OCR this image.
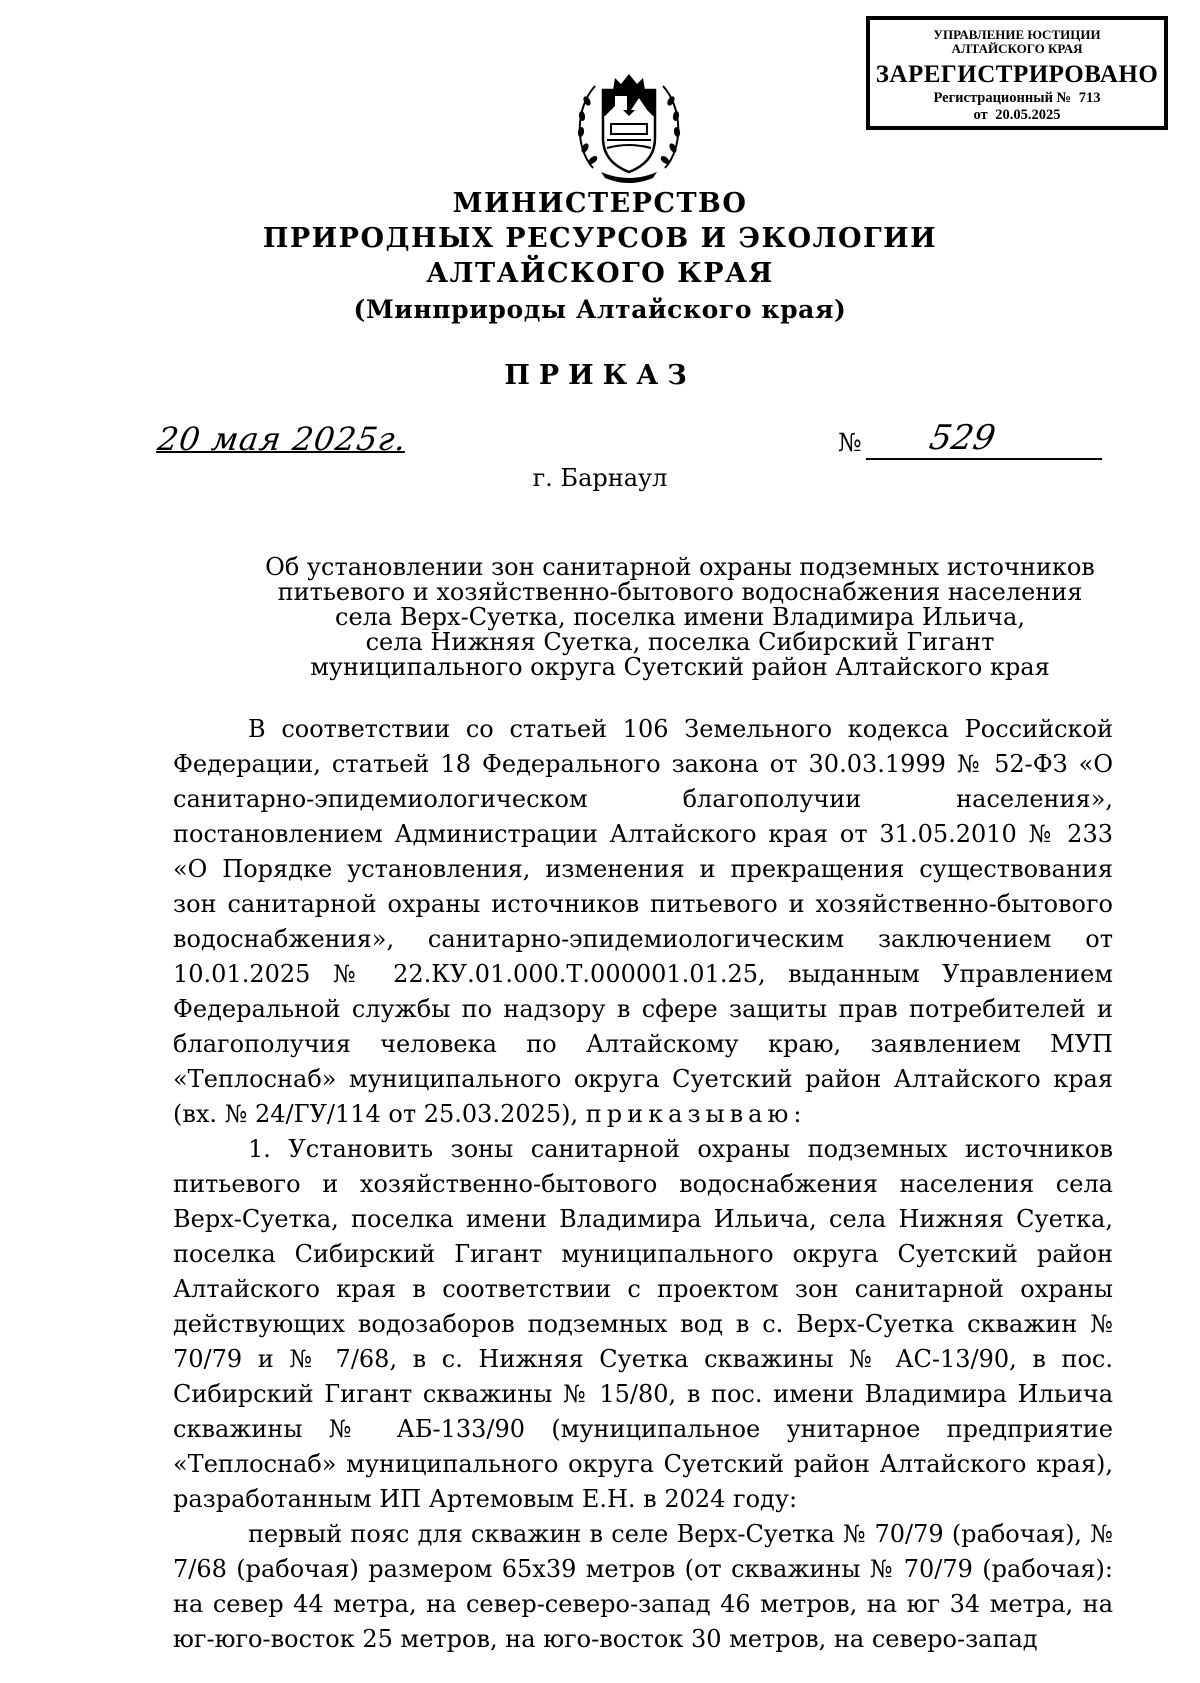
УПРАВЛЕНИЕ ЮСТИЦИИ
АЛТАЙСКОГО КРАЯ
ЗАРЕГИСТРИРОВАНО
Регистрационный № 713
от 20.05.2025
МИНИСТЕРСТВО
ПРИРОДНЫХ РЕСУРСОВ И ЭКОЛОГИИ
АЛТАЙСКОГО КРАЯ
(Минприроды Алтайского края)
ПРИКАЗ
20 мая 2025г.	№ 529
г. Барнаул
Об установлении зон санитарной охраны подземных источников
питьевого и хозяйственно-бытового водоснабжения населения
села Верх-Суетка, поселка имени Владимира Ильича,
села Нижняя Суетка, поселка Сибирский Гигант
муниципального округа Суетский район Алтайского края

В соответствии со статьей 106 Земельного кодекса Российской Федерации, статьей 18 Федерального закона от 30.03.1999 № 52-ФЗ «О санитарно-эпидемиологическом благополучии населения», постановлением Администрации Алтайского края от 31.05.2010 № 233 «О Порядке установления, изменения и прекращения существования зон санитарной охраны источников питьевого и хозяйственно-бытового водоснабжения», санитарно-эпидемиологическим заключением от 10.01.2025 № 22.КУ.01.000.Т.000001.01.25, выданным Управлением Федеральной службы по надзору в сфере защиты прав потребителей и благополучия человека по Алтайскому краю, заявлением МУП «Теплоснаб» муниципального округа Суетский район Алтайского края (вх. № 24/ГУ/114 от 25.03.2025), приказываю:

1. Установить зоны санитарной охраны подземных источников питьевого и хозяйственно-бытового водоснабжения населения села Верх-Суетка, поселка имени Владимира Ильича, села Нижняя Суетка, поселка Сибирский Гигант муниципального округа Суетский район Алтайского края в соответствии с проектом зон санитарной охраны действующих водозаборов подземных вод в с. Верх-Суетка скважин № 70/79 и № 7/68, в с. Нижняя Суетка скважины № АС-13/90, в пос. Сибирский Гигант скважины № 15/80, в пос. имени Владимира Ильича скважины № АБ-133/90 (муниципальное унитарное предприятие «Теплоснаб» муниципального округа Суетский район Алтайского края), разработанным ИП Артемовым Е.Н. в 2024 году:

первый пояс для скважин в селе Верх-Суетка № 70/79 (рабочая), № 7/68 (рабочая) размером 65x39 метров (от скважины № 70/79 (рабочая): на север 44 метра, на север-северо-запад 46 метров, на юг 34 метра, на юг-юго-восток 25 метров, на юго-восток 30 метров, на северо-запад
